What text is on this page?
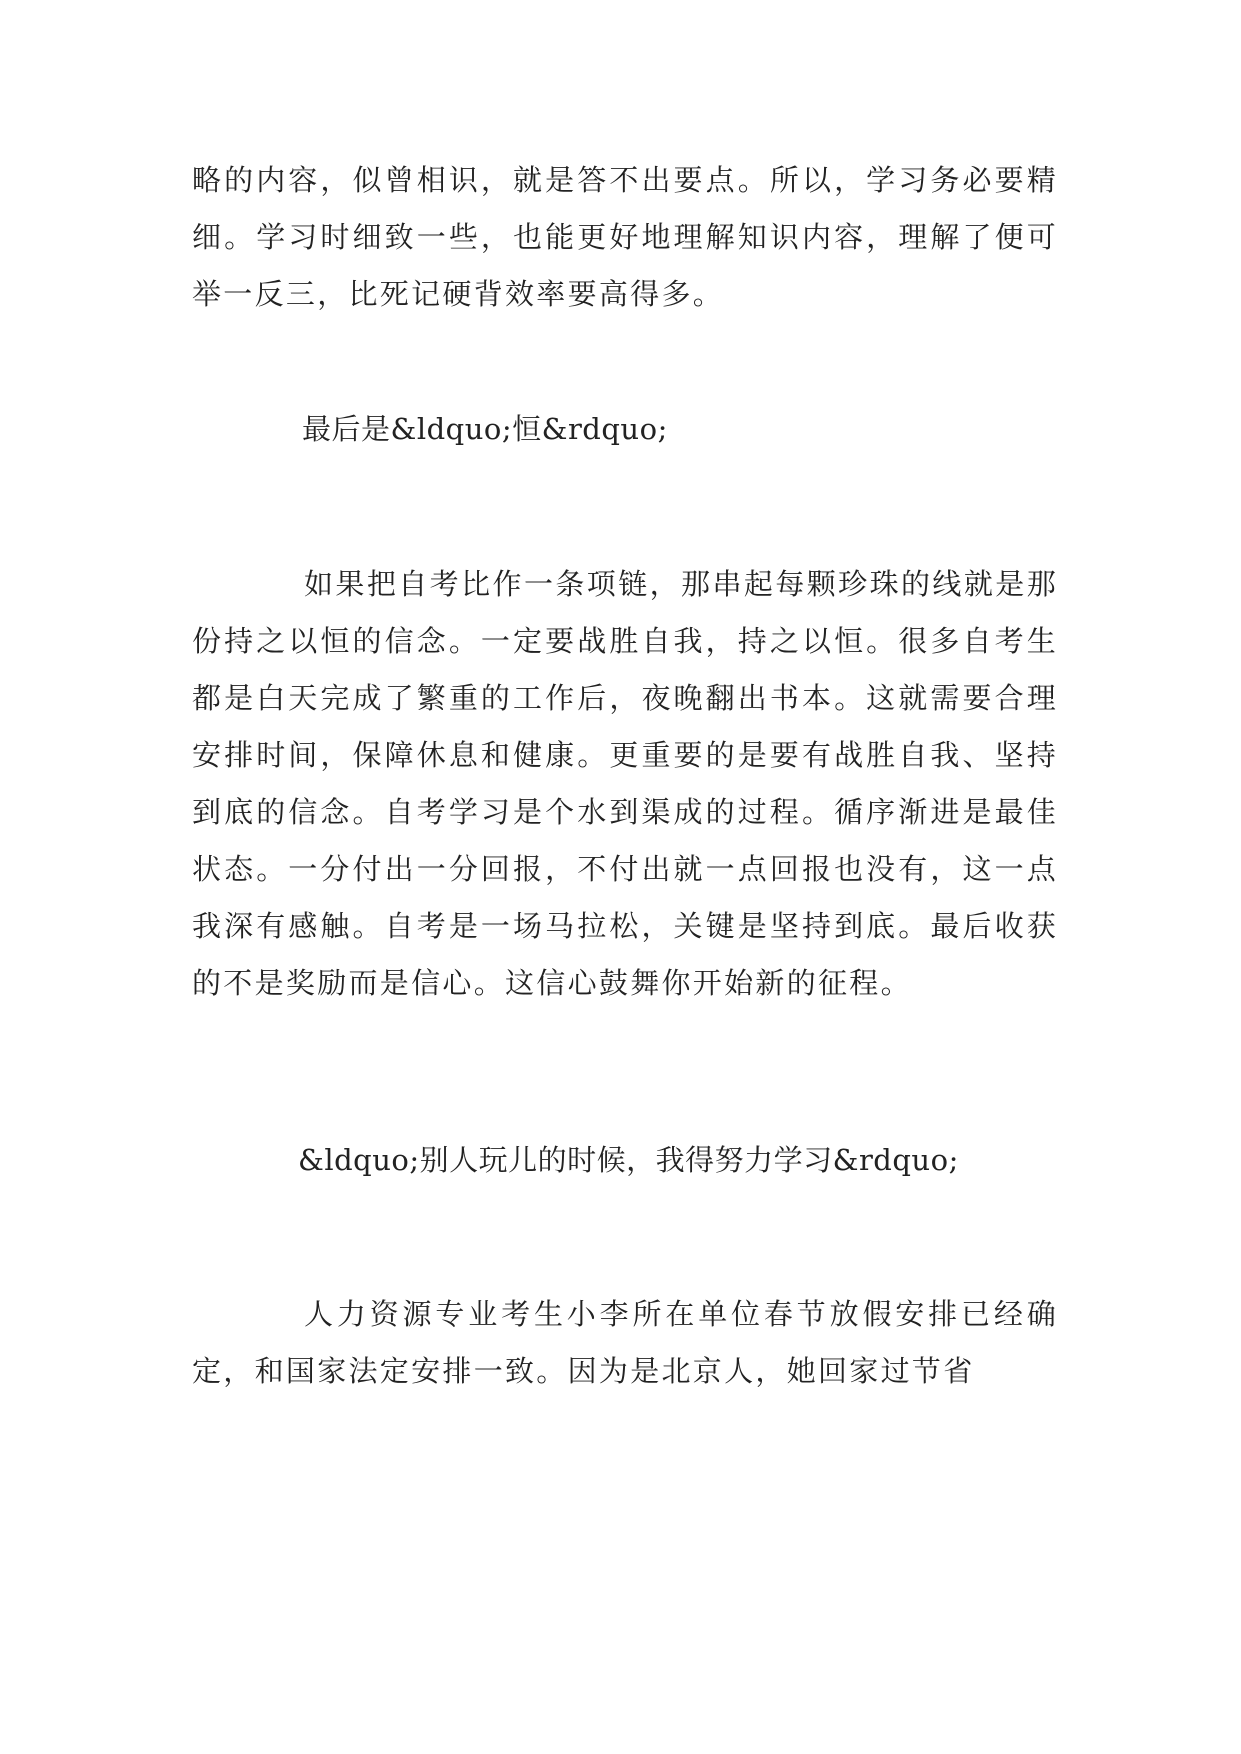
略的内容，似曾相识，就是答不出要点。所以，学习务必要精细。学习时细致一些，也能更好地理解知识内容，理解了便可举一反三，比死记硬背效率要高得多。

最后是&ldquo;恒&rdquo;

如果把自考比作一条项链，那串起每颗珍珠的线就是那份持之以恒的信念。一定要战胜自我，持之以恒。很多自考生都是白天完成了繁重的工作后，夜晚翻出书本。这就需要合理安排时间，保障休息和健康。更重要的是要有战胜自我、坚持到底的信念。自考学习是个水到渠成的过程。循序渐进是最佳状态。一分付出一分回报，不付出就一点回报也没有，这一点我深有感触。自考是一场马拉松，关键是坚持到底。最后收获的不是奖励而是信心。这信心鼓舞你开始新的征程。

&ldquo;别人玩儿的时候，我得努力学习&rdquo;

人力资源专业考生小李所在单位春节放假安排已经确定，和国家法定安排一致。因为是北京人，她回家过节省
